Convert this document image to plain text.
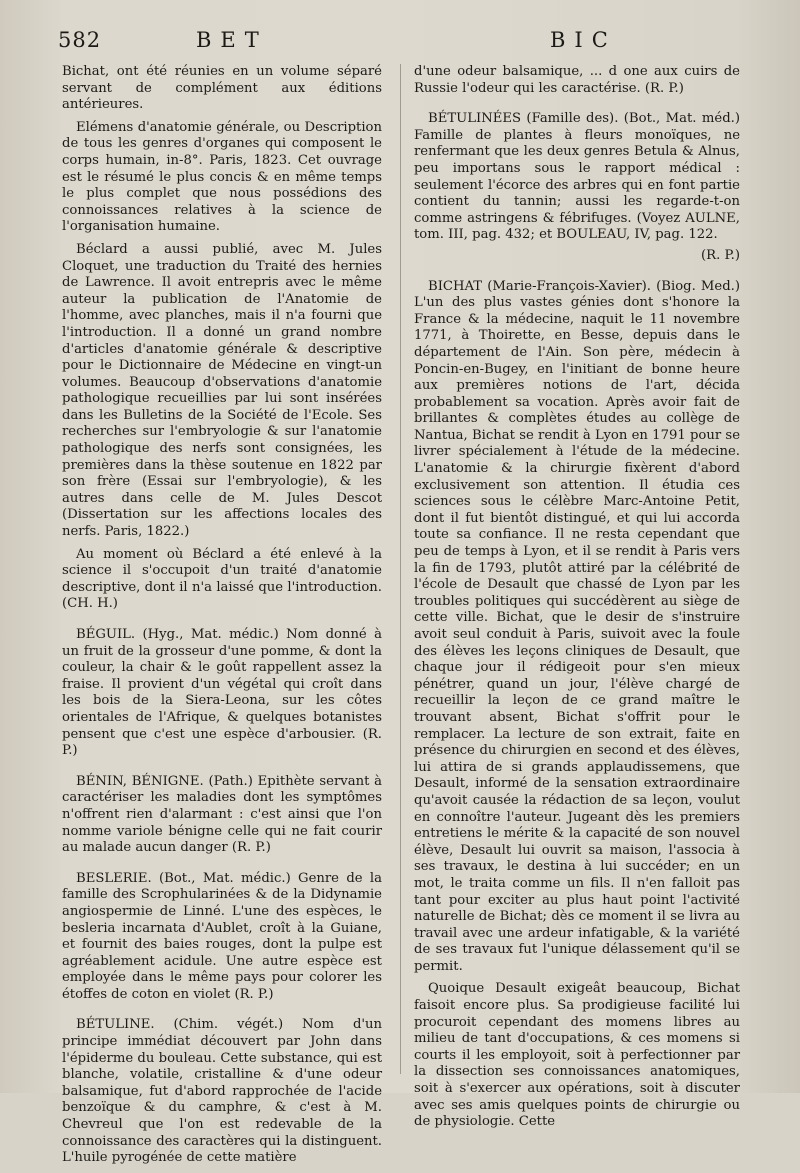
582	BET	BIC

Bichat, ont été réunies en un volume séparé servant de complément aux éditions antérieures.

Elémens d'anatomie générale, ou Description de tous les genres d'organes qui composent le corps humain, in-8°. Paris, 1823. Cet ouvrage est le résumé le plus concis & en même temps le plus complet que nous possédions des connoissances relatives à la science de l'organisation humaine.

Béclard a aussi publié, avec M. Jules Cloquet, une traduction du Traité des hernies de Lawrence. Il avoit entrepris avec le même auteur la publication de l'Anatomie de l'homme, avec planches, mais il n'a fourni que l'introduction. Il a donné un grand nombre d'articles d'anatomie générale & descriptive pour le Dictionnaire de Médecine en vingt-un volumes. Beaucoup d'observations d'anatomie pathologique recueillies par lui sont insérées dans les Bulletins de la Société de l'Ecole. Ses recherches sur l'embryologie & sur l'anatomie pathologique des nerfs sont consignées, les premières dans la thèse soutenue en 1822 par son frère (Essai sur l'embryologie), & les autres dans celle de M. Jules Descot (Dissertation sur les affections locales des nerfs. Paris, 1822.)

Au moment où Béclard a été enlevé à la science il s'occupoit d'un traité d'anatomie descriptive, dont il n'a laissé que l'introduction. (CH. H.)

BÉGUIL. (Hyg., Mat. médic.) Nom donné à un fruit de la grosseur d'une pomme, & dont la couleur, la chair & le goût rappellent assez la fraise. Il provient d'un végétal qui croît dans les bois de la Siera-Leona, sur les côtes orientales de l'Afrique, & quelques botanistes pensent que c'est une espèce d'arbousier. (R. P.)

BÉNIN, BÉNIGNE. (Path.) Epithète servant à caractériser les maladies dont les symptômes n'offrent rien d'alarmant : c'est ainsi que l'on nomme variole bénigne celle qui ne fait courir au malade aucun danger (R. P.)

BESLERIE. (Bot., Mat. médic.) Genre de la famille des Scrophularinées & de la Didynamie angiospermie de Linné. L'une des espèces, le besleria incarnata d'Aublet, croît à la Guiane, et fournit des baies rouges, dont la pulpe est agréablement acidule. Une autre espèce est employée dans le même pays pour colorer les étoffes de coton en violet (R. P.)

BÉTULINE. (Chim. végét.) Nom d'un principe immédiat découvert par John dans l'épiderme du bouleau. Cette substance, qui est blanche, volatile, cristalline & d'une odeur balsamique, fut d'abord rapprochée de l'acide benzoïque & du camphre, & c'est à M. Chevreul que l'on est redevable de la connoissance des caractères qui la distinguent. L'huile pyrogénée de cette matière

d'une odeur balsamique, ... d one aux cuirs de Russie l'odeur qui les caractérise. (R. P.)

BÉTULINÉES (Famille des). (Bot., Mat. méd.) Famille de plantes à fleurs monoïques, ne renfermant que les deux genres Betula & Alnus, peu importans sous le rapport médical : seulement l'écorce des arbres qui en font partie contient du tannin; aussi les regarde-t-on comme astringens & fébrifuges. (Voyez AULNE, tom. III, pag. 432; et BOULEAU, IV, pag. 122.

(R. P.)

BICHAT (Marie-François-Xavier). (Biog. Med.) L'un des plus vastes génies dont s'honore la France & la médecine, naquit le 11 novembre 1771, à Thoirette, en Besse, depuis dans le département de l'Ain. Son père, médecin à Poncin-en-Bugey, en l'initiant de bonne heure aux premières notions de l'art, décida probablement sa vocation. Après avoir fait de brillantes & complètes études au collège de Nantua, Bichat se rendit à Lyon en 1791 pour se livrer spécialement à l'étude de la médecine. L'anatomie & la chirurgie fixèrent d'abord exclusivement son attention. Il étudia ces sciences sous le célèbre Marc-Antoine Petit, dont il fut bientôt distingué, et qui lui accorda toute sa confiance. Il ne resta cependant que peu de temps à Lyon, et il se rendit à Paris vers la fin de 1793, plutôt attiré par la célébrité de l'école de Desault que chassé de Lyon par les troubles politiques qui succédèrent au siège de cette ville. Bichat, que le desir de s'instruire avoit seul conduit à Paris, suivoit avec la foule des élèves les leçons cliniques de Desault, que chaque jour il rédigeoit pour s'en mieux pénétrer, quand un jour, l'élève chargé de recueillir la leçon de ce grand maître le trouvant absent, Bichat s'offrit pour le remplacer. La lecture de son extrait, faite en présence du chirurgien en second et des élèves, lui attira de si grands applaudissemens, que Desault, informé de la sensation extraordinaire qu'avoit causée la rédaction de sa leçon, voulut en connoître l'auteur. Jugeant dès les premiers entretiens le mérite & la capacité de son nouvel élève, Desault lui ouvrit sa maison, l'associa à ses travaux, le destina à lui succéder; en un mot, le traita comme un fils. Il n'en falloit pas tant pour exciter au plus haut point l'activité naturelle de Bichat; dès ce moment il se livra au travail avec une ardeur infatigable, & la variété de ses travaux fut l'unique délassement qu'il se permit.

Quoique Desault exigeât beaucoup, Bichat faisoit encore plus. Sa prodigieuse facilité lui procuroit cependant des momens libres au milieu de tant d'occupations, & ces momens si courts il les employoit, soit à perfectionner par la dissection ses connoissances anatomiques, soit à s'exercer aux opérations, soit à discuter avec ses amis quelques points de chirurgie ou de physiologie. Cette
